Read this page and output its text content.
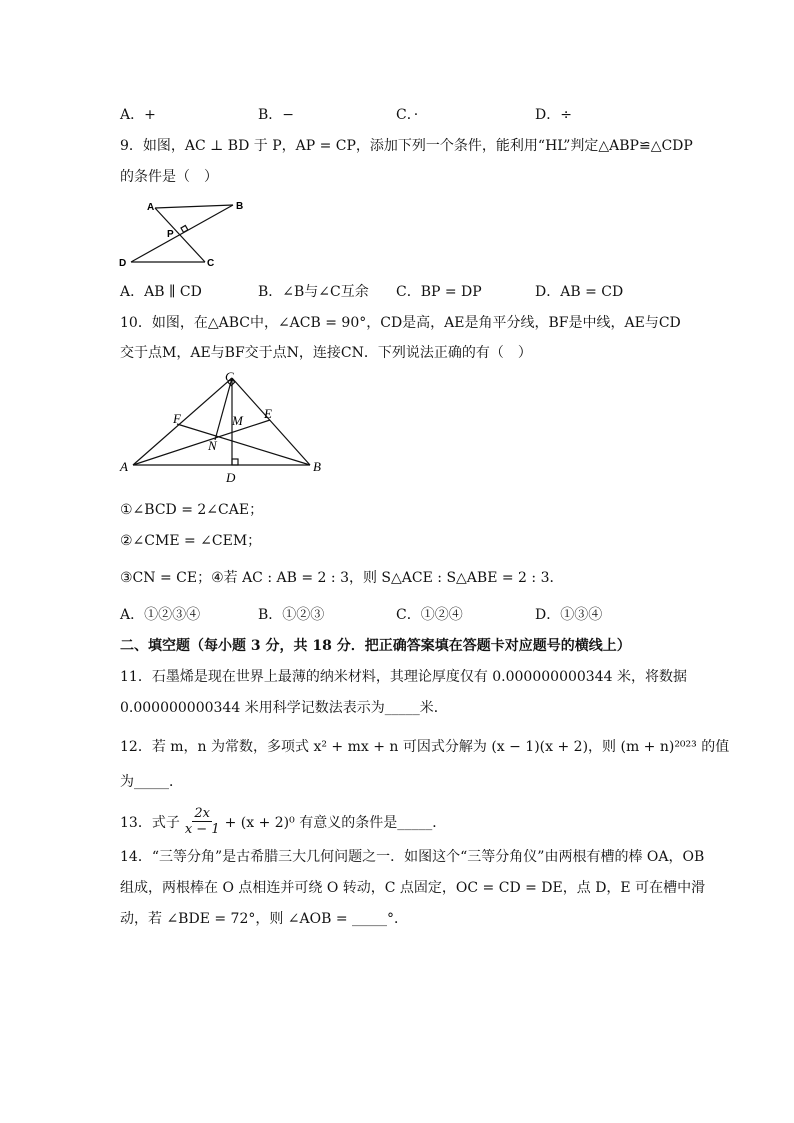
A．+	B．−	C．·	D．÷
9．如图，AC ⊥ BD 于 P，AP = CP，添加下列一个条件，能利用“HL”判定△ABP≌△CDP
的条件是（　）
A	B
P
C
D
A．AB ∥ CD	B．∠B与∠C互余 C．BP = DP	D．AB = CD
10．如图，在△ABC中，∠ACB = 90°，CD是高，AE是角平分线，BF是中线，AE与CD
交于点M，AE与BF交于点N，连接CN．下列说法正确的有（　）
C
F	M E
N
A
D
B
①∠BCD = 2∠CAE；
②∠CME = ∠CEM；
③CN = CE；④若 AC : AB = 2 : 3，则 S△ACE : S△ABE = 2 : 3．
A．①②③④	B．①②③	C．①②④	D．①③④
二、填空题（每小题 3 分，共 18 分．把正确答案填在答题卡对应题号的横线上）
11．石墨烯是现在世界上最薄的纳米材料，其理论厚度仅有 0.000000000344 米，将数据
0.000000000344 米用科学记数法表示为_____米．
12．若 m，n 为常数，多项式 x² + mx + n 可因式分解为 (x − 1)(x + 2)，则 (m + n)²⁰²³ 的值
为_____．
13．式子 $\frac{2x}{x - 1} + (x + 2)^0$ 有意义的条件是_____．
14．“三等分角”是古希腊三大几何问题之一．如图这个“三等分角仪”由两根有槽的棒 OA，OB
组成，两根棒在 O 点相连并可绕 O 转动，C 点固定，OC = CD = DE，点 D，E 可在槽中滑
动，若 ∠BDE = 72°，则 ∠AOB = _____°．
